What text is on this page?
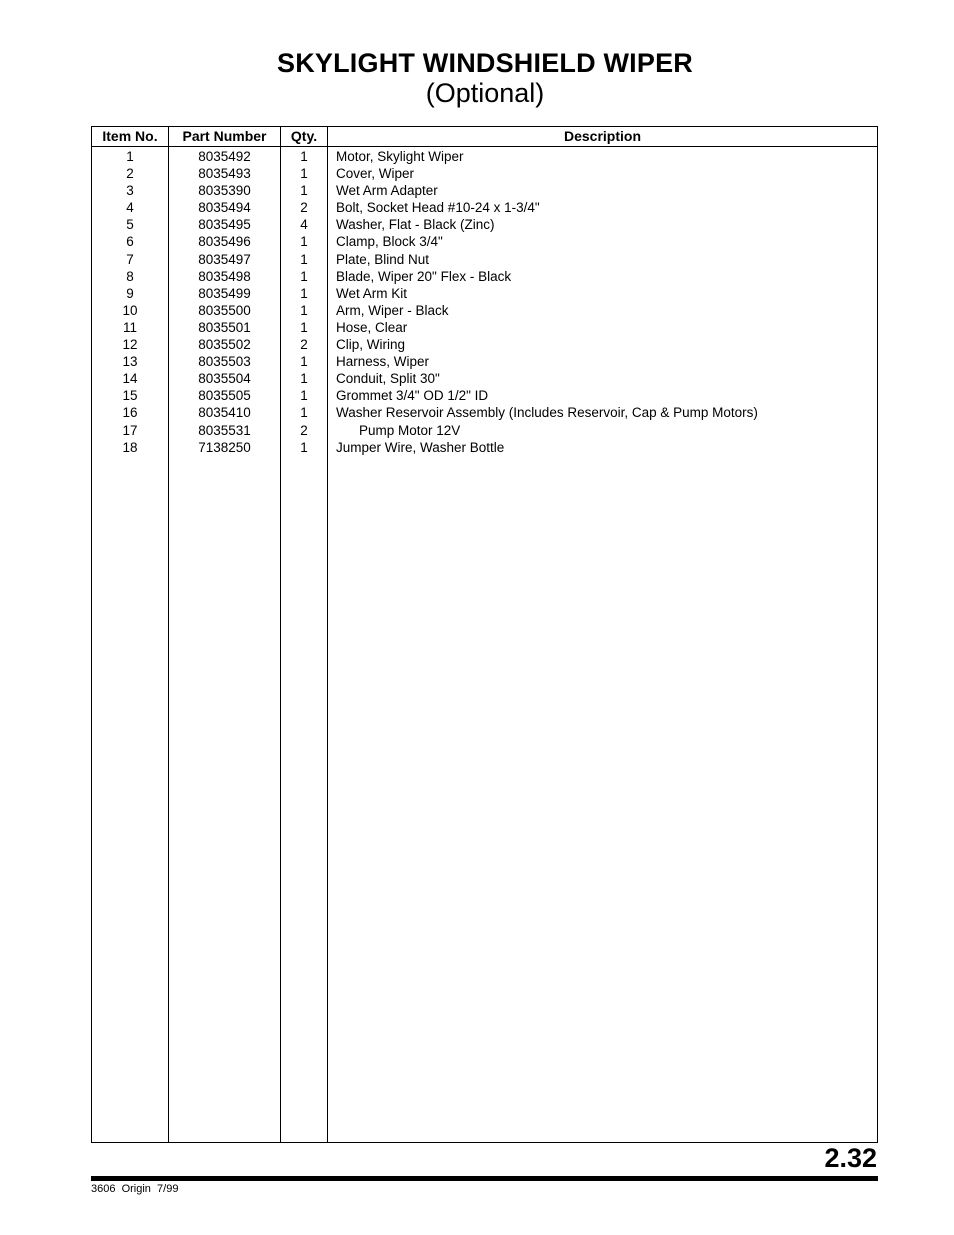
SKYLIGHT WINDSHIELD WIPER
(Optional)
Item No.	Part Number	Qty.	Description
1	8035492	1	Motor, Skylight Wiper
2	8035493	1	Cover, Wiper
3	8035390	1	Wet Arm Adapter
4	8035494	2	Bolt, Socket Head #10-24 x 1-3/4"
5	8035495	4	Washer, Flat - Black (Zinc)
6	8035496	1	Clamp, Block 3/4"
7	8035497	1	Plate, Blind Nut
8	8035498	1	Blade, Wiper 20" Flex - Black
9	8035499	1	Wet Arm Kit
10	8035500	1	Arm, Wiper - Black
11	8035501	1	Hose, Clear
12	8035502	2	Clip, Wiring
13	8035503	1	Harness, Wiper
14	8035504	1	Conduit, Split 30"
15	8035505	1	Grommet 3/4" OD 1/2" ID
16	8035410	1	Washer Reservoir Assembly (Includes Reservoir, Cap & Pump Motors)
17	8035531	2	Pump Motor 12V
18	7138250	1	Jumper Wire, Washer Bottle
2.32
3606  Origin  7/99
